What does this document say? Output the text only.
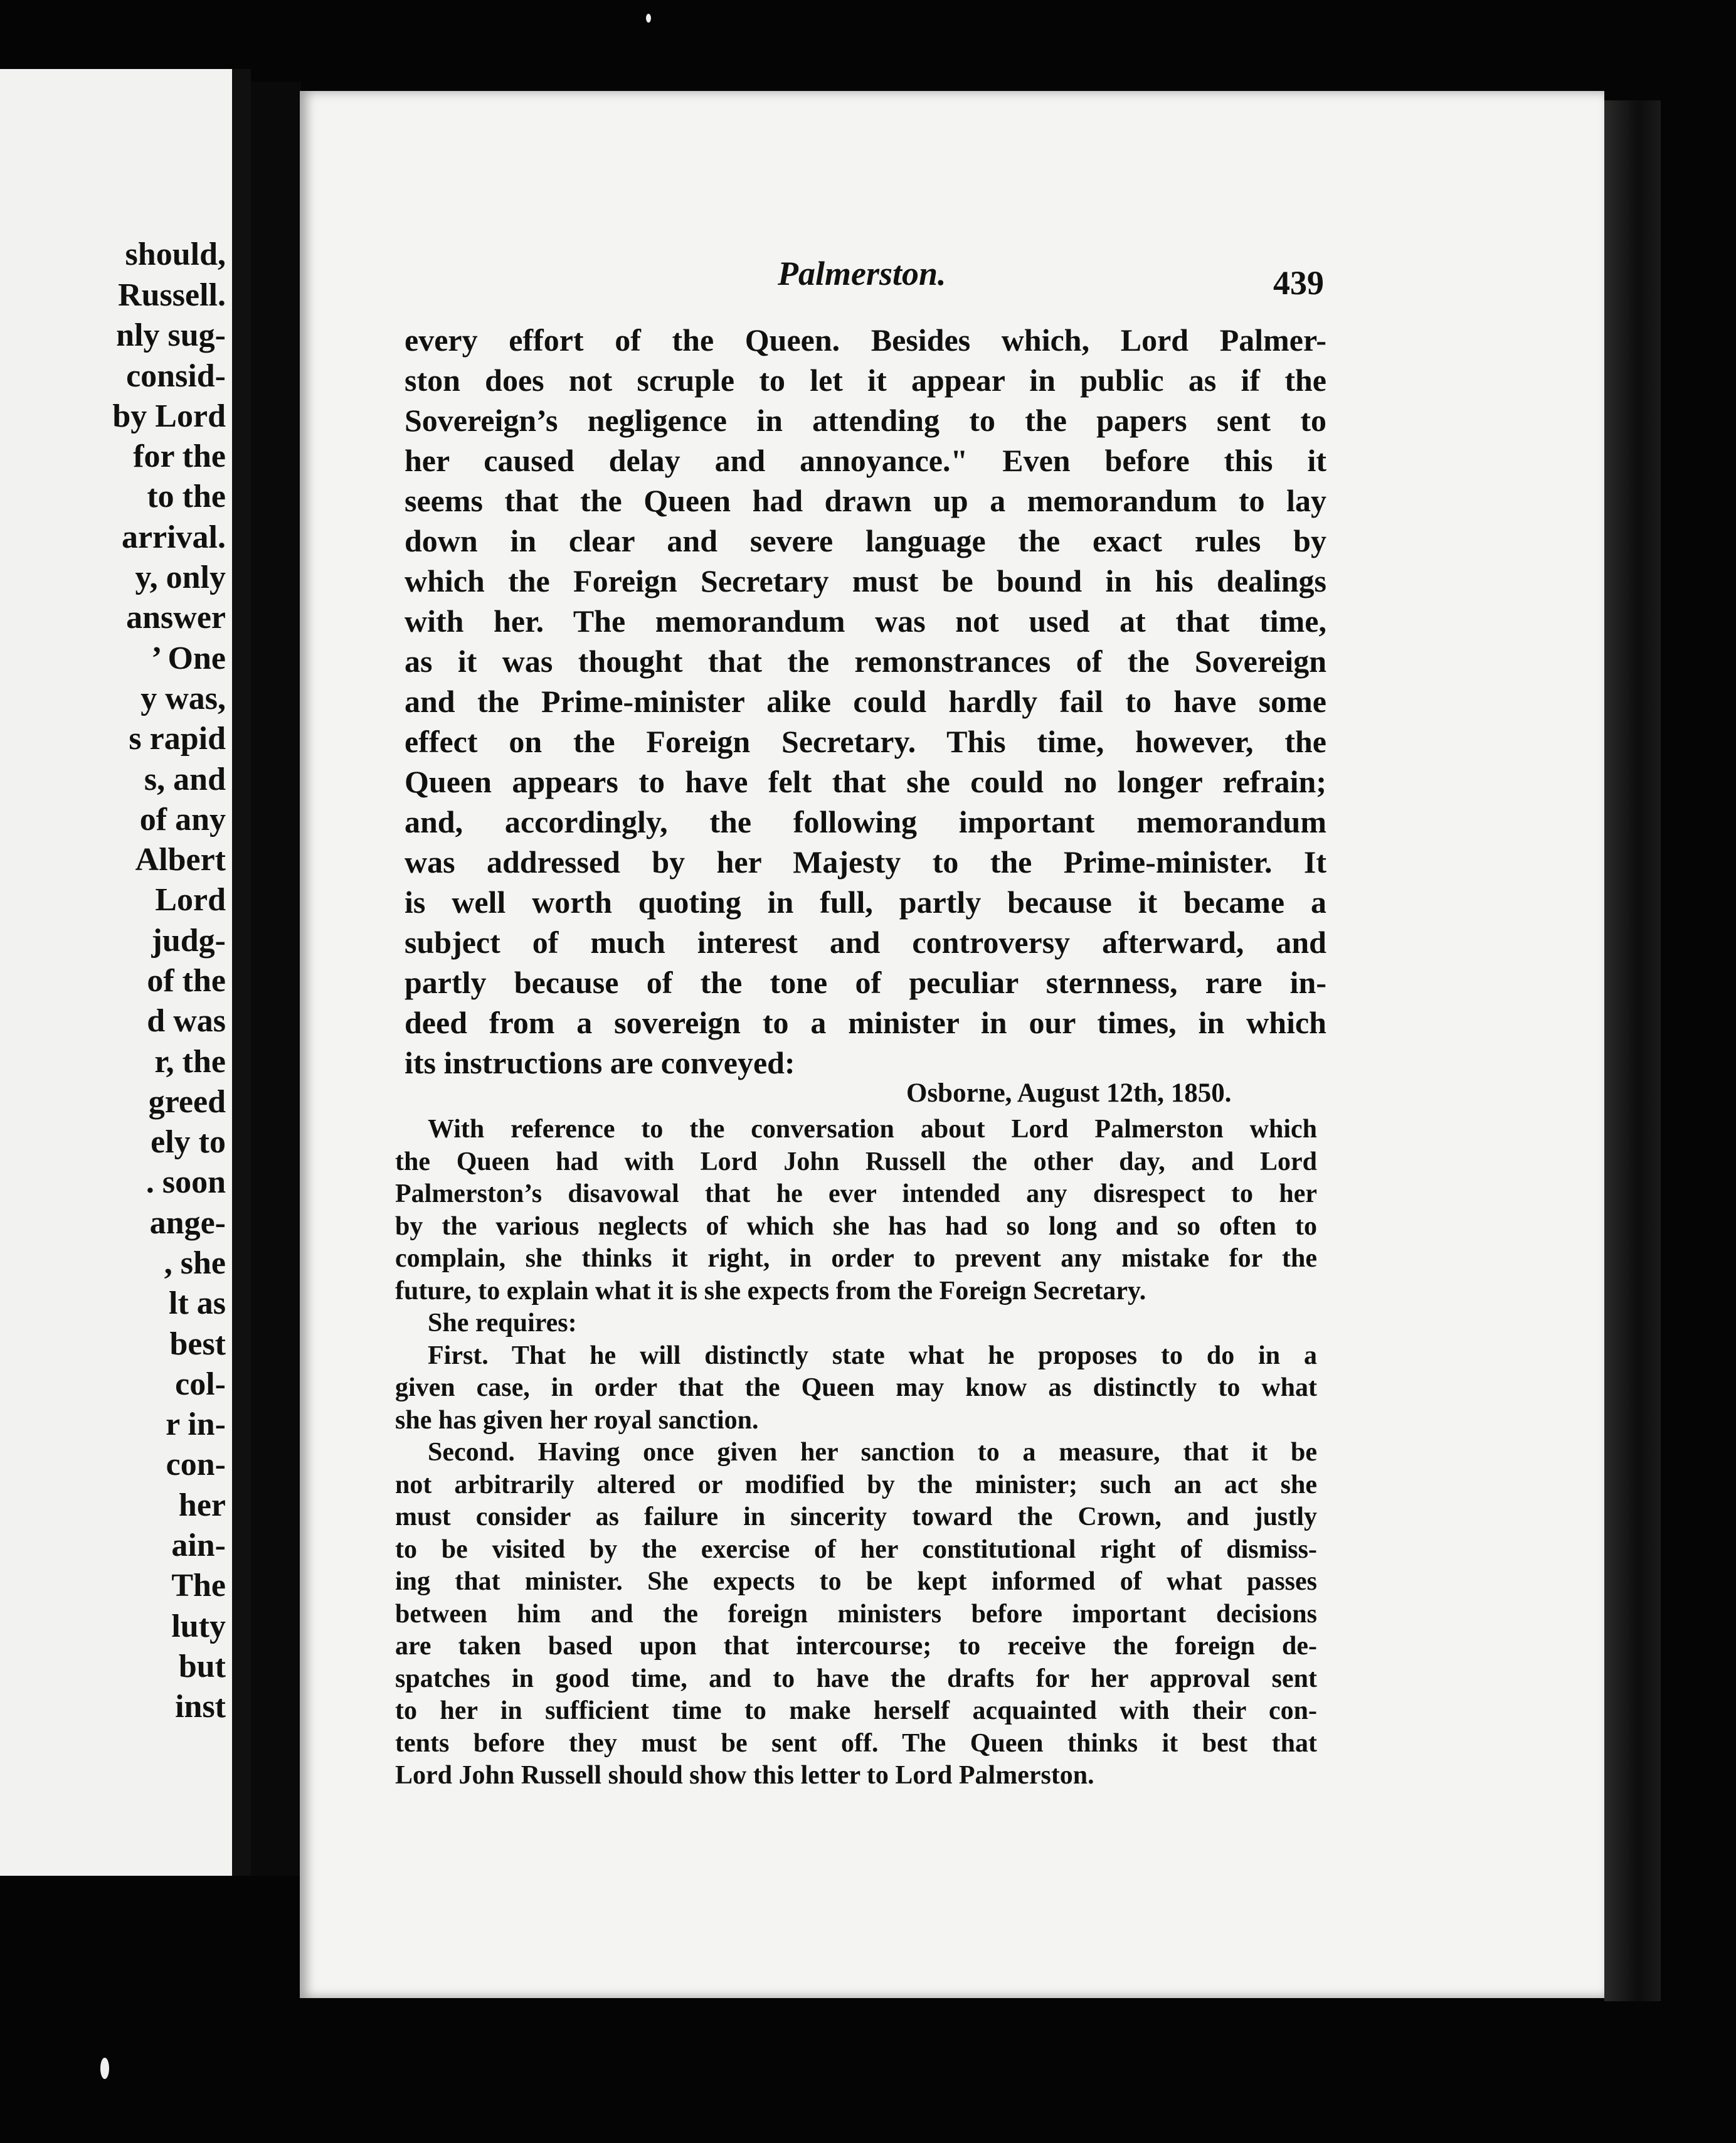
should,
Russell.
nly sug-
consid-
by Lord
for the
to the
arrival.
y, only
answer
’ One
y was,
s rapid
s, and
of any
Albert
Lord
judg-
of the
d was
r, the
greed
ely to
. soon
ange-
, she
lt as
best
col-
r in-
con-
her
ain-
The
luty
but
inst
Palmerston.	439
every effort of the Queen. Besides which, Lord Palmer-
ston does not scruple to let it appear in public as if the
Sovereign’s negligence in attending to the papers sent to
her caused delay and annoyance." Even before this it
seems that the Queen had drawn up a memorandum to lay
down in clear and severe language the exact rules by
which the Foreign Secretary must be bound in his dealings
with her. The memorandum was not used at that time,
as it was thought that the remonstrances of the Sovereign
and the Prime-minister alike could hardly fail to have some
effect on the Foreign Secretary. This time, however, the
Queen appears to have felt that she could no longer refrain;
and, accordingly, the following important memorandum
was addressed by her Majesty to the Prime-minister. It
is well worth quoting in full, partly because it became a
subject of much interest and controversy afterward, and
partly because of the tone of peculiar sternness, rare in-
deed from a sovereign to a minister in our times, in which
its instructions are conveyed:
Osborne, August 12th, 1850.
With reference to the conversation about Lord Palmerston which
the Queen had with Lord John Russell the other day, and Lord
Palmerston’s disavowal that he ever intended any disrespect to her
by the various neglects of which she has had so long and so often to
complain, she thinks it right, in order to prevent any mistake for the
future, to explain what it is she expects from the Foreign Secretary.
She requires:
First. That he will distinctly state what he proposes to do in a
given case, in order that the Queen may know as distinctly to what
she has given her royal sanction.
Second. Having once given her sanction to a measure, that it be
not arbitrarily altered or modified by the minister; such an act she
must consider as failure in sincerity toward the Crown, and justly
to be visited by the exercise of her constitutional right of dismiss-
ing that minister. She expects to be kept informed of what passes
between him and the foreign ministers before important decisions
are taken based upon that intercourse; to receive the foreign de-
spatches in good time, and to have the drafts for her approval sent
to her in sufficient time to make herself acquainted with their con-
tents before they must be sent off. The Queen thinks it best that
Lord John Russell should show this letter to Lord Palmerston.
